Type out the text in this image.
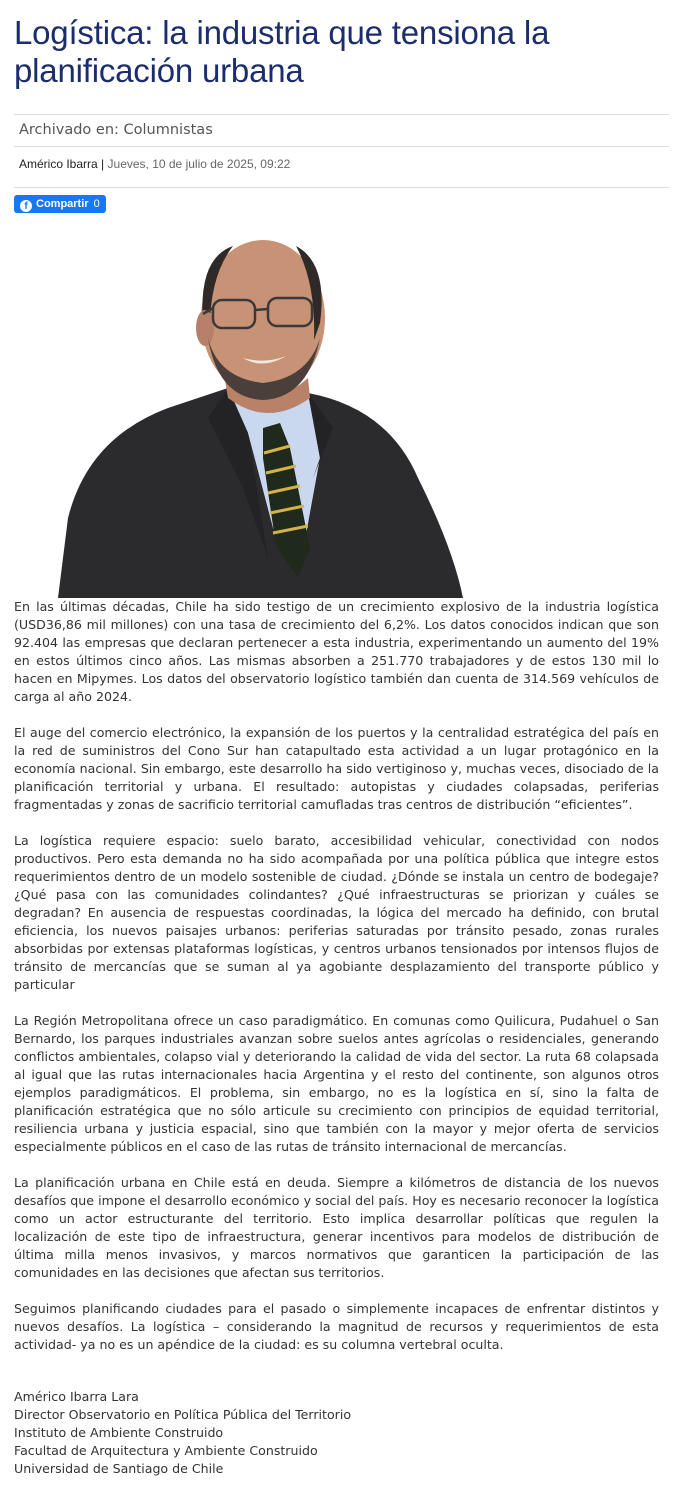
Logística: la industria que tensiona la planificación urbana
Archivado en: Columnistas
Américo Ibarra | Jueves, 10 de julio de 2025, 09:22
f Compartir 0

En las últimas décadas, Chile ha sido testigo de un crecimiento explosivo de la industria logística (USD36,86 mil millones) con una tasa de crecimiento del 6,2%. Los datos conocidos indican que son 92.404 las empresas que declaran pertenecer a esta industria, experimentando un aumento del 19% en estos últimos cinco años. Las mismas absorben a 251.770 trabajadores y de estos 130 mil lo hacen en Mipymes. Los datos del observatorio logístico también dan cuenta de 314.569 vehículos de carga al año 2024.

El auge del comercio electrónico, la expansión de los puertos y la centralidad estratégica del país en la red de suministros del Cono Sur han catapultado esta actividad a un lugar protagónico en la economía nacional. Sin embargo, este desarrollo ha sido vertiginoso y, muchas veces, disociado de la planificación territorial y urbana. El resultado: autopistas y ciudades colapsadas, periferias fragmentadas y zonas de sacrificio territorial camufladas tras centros de distribución “eficientes”.

La logística requiere espacio: suelo barato, accesibilidad vehicular, conectividad con nodos productivos. Pero esta demanda no ha sido acompañada por una política pública que integre estos requerimientos dentro de un modelo sostenible de ciudad. ¿Dónde se instala un centro de bodegaje? ¿Qué pasa con las comunidades colindantes? ¿Qué infraestructuras se priorizan y cuáles se degradan? En ausencia de respuestas coordinadas, la lógica del mercado ha definido, con brutal eficiencia, los nuevos paisajes urbanos: periferias saturadas por tránsito pesado, zonas rurales absorbidas por extensas plataformas logísticas, y centros urbanos tensionados por intensos flujos de tránsito de mercancías que se suman al ya agobiante desplazamiento del transporte público y particular

La Región Metropolitana ofrece un caso paradigmático. En comunas como Quilicura, Pudahuel o San Bernardo, los parques industriales avanzan sobre suelos antes agrícolas o residenciales, generando conflictos ambientales, colapso vial y deteriorando la calidad de vida del sector. La ruta 68 colapsada al igual que las rutas internacionales hacia Argentina y el resto del continente, son algunos otros ejemplos paradigmáticos. El problema, sin embargo, no es la logística en sí, sino la falta de planificación estratégica que no sólo articule su crecimiento con principios de equidad territorial, resiliencia urbana y justicia espacial, sino que también con la mayor y mejor oferta de servicios especialmente públicos en el caso de las rutas de tránsito internacional de mercancías.

La planificación urbana en Chile está en deuda. Siempre a kilómetros de distancia de los nuevos desafíos que impone el desarrollo económico y social del país. Hoy es necesario reconocer la logística como un actor estructurante del territorio. Esto implica desarrollar políticas que regulen la localización de este tipo de infraestructura, generar incentivos para modelos de distribución de última milla menos invasivos, y marcos normativos que garanticen la participación de las comunidades en las decisiones que afectan sus territorios.

Seguimos planificando ciudades para el pasado o simplemente incapaces de enfrentar distintos y nuevos desafíos. La logística – considerando la magnitud de recursos y requerimientos de esta actividad- ya no es un apéndice de la ciudad: es su columna vertebral oculta.

Américo Ibarra Lara
Director Observatorio en Política Pública del Territorio
Instituto de Ambiente Construido
Facultad de Arquitectura y Ambiente Construido
Universidad de Santiago de Chile
